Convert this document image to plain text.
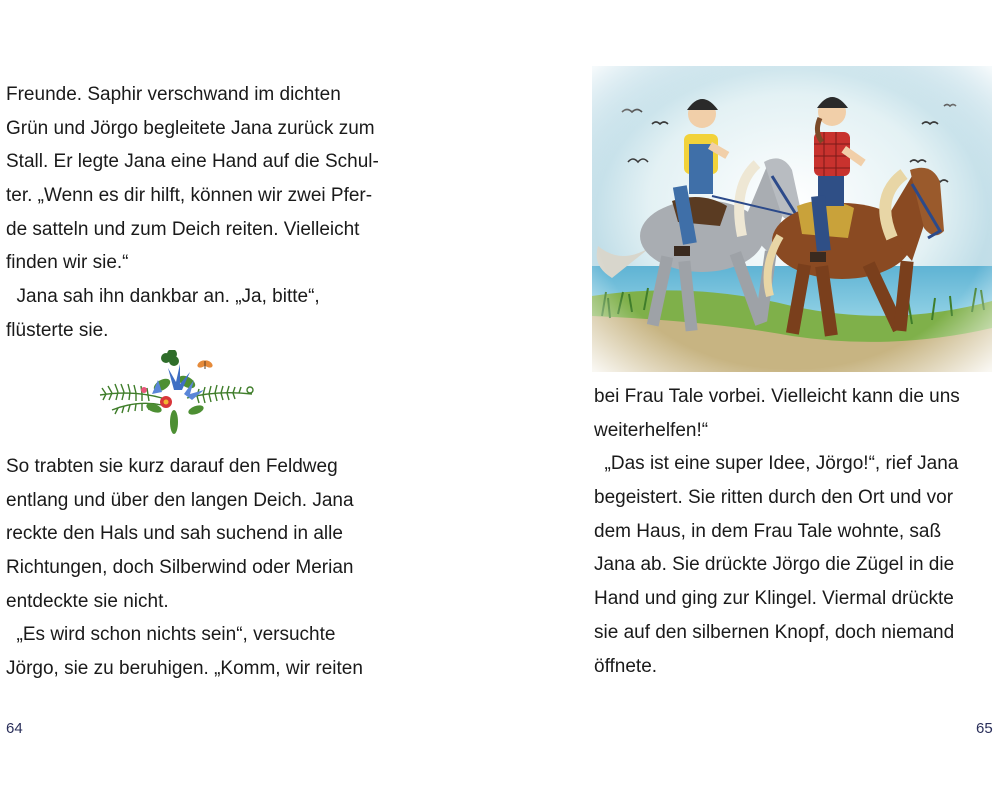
Freunde. Saphir verschwand im dichten
Grün und Jörgo begleitete Jana zurück zum
Stall. Er legte Jana eine Hand auf die Schul-
ter. „Wenn es dir hilft, können wir zwei Pfer-
de satteln und zum Deich reiten. Vielleicht
finden wir sie.“
Jana sah ihn dankbar an. „Ja, bitte“,
flüsterte sie.
So trabten sie kurz darauf den Feldweg
entlang und über den langen Deich. Jana
reckte den Hals und sah suchend in alle
Richtungen, doch Silberwind oder Merian
entdeckte sie nicht.
„Es wird schon nichts sein“, versuchte
Jörgo, sie zu beruhigen. „Komm, wir reiten
64
bei Frau Tale vorbei. Vielleicht kann die uns
weiterhelfen!“
„Das ist eine super Idee, Jörgo!“, rief Jana
begeistert. Sie ritten durch den Ort und vor
dem Haus, in dem Frau Tale wohnte, saß
Jana ab. Sie drückte Jörgo die Zügel in die
Hand und ging zur Klingel. Viermal drückte
sie auf den silbernen Knopf, doch niemand
öffnete.
65
